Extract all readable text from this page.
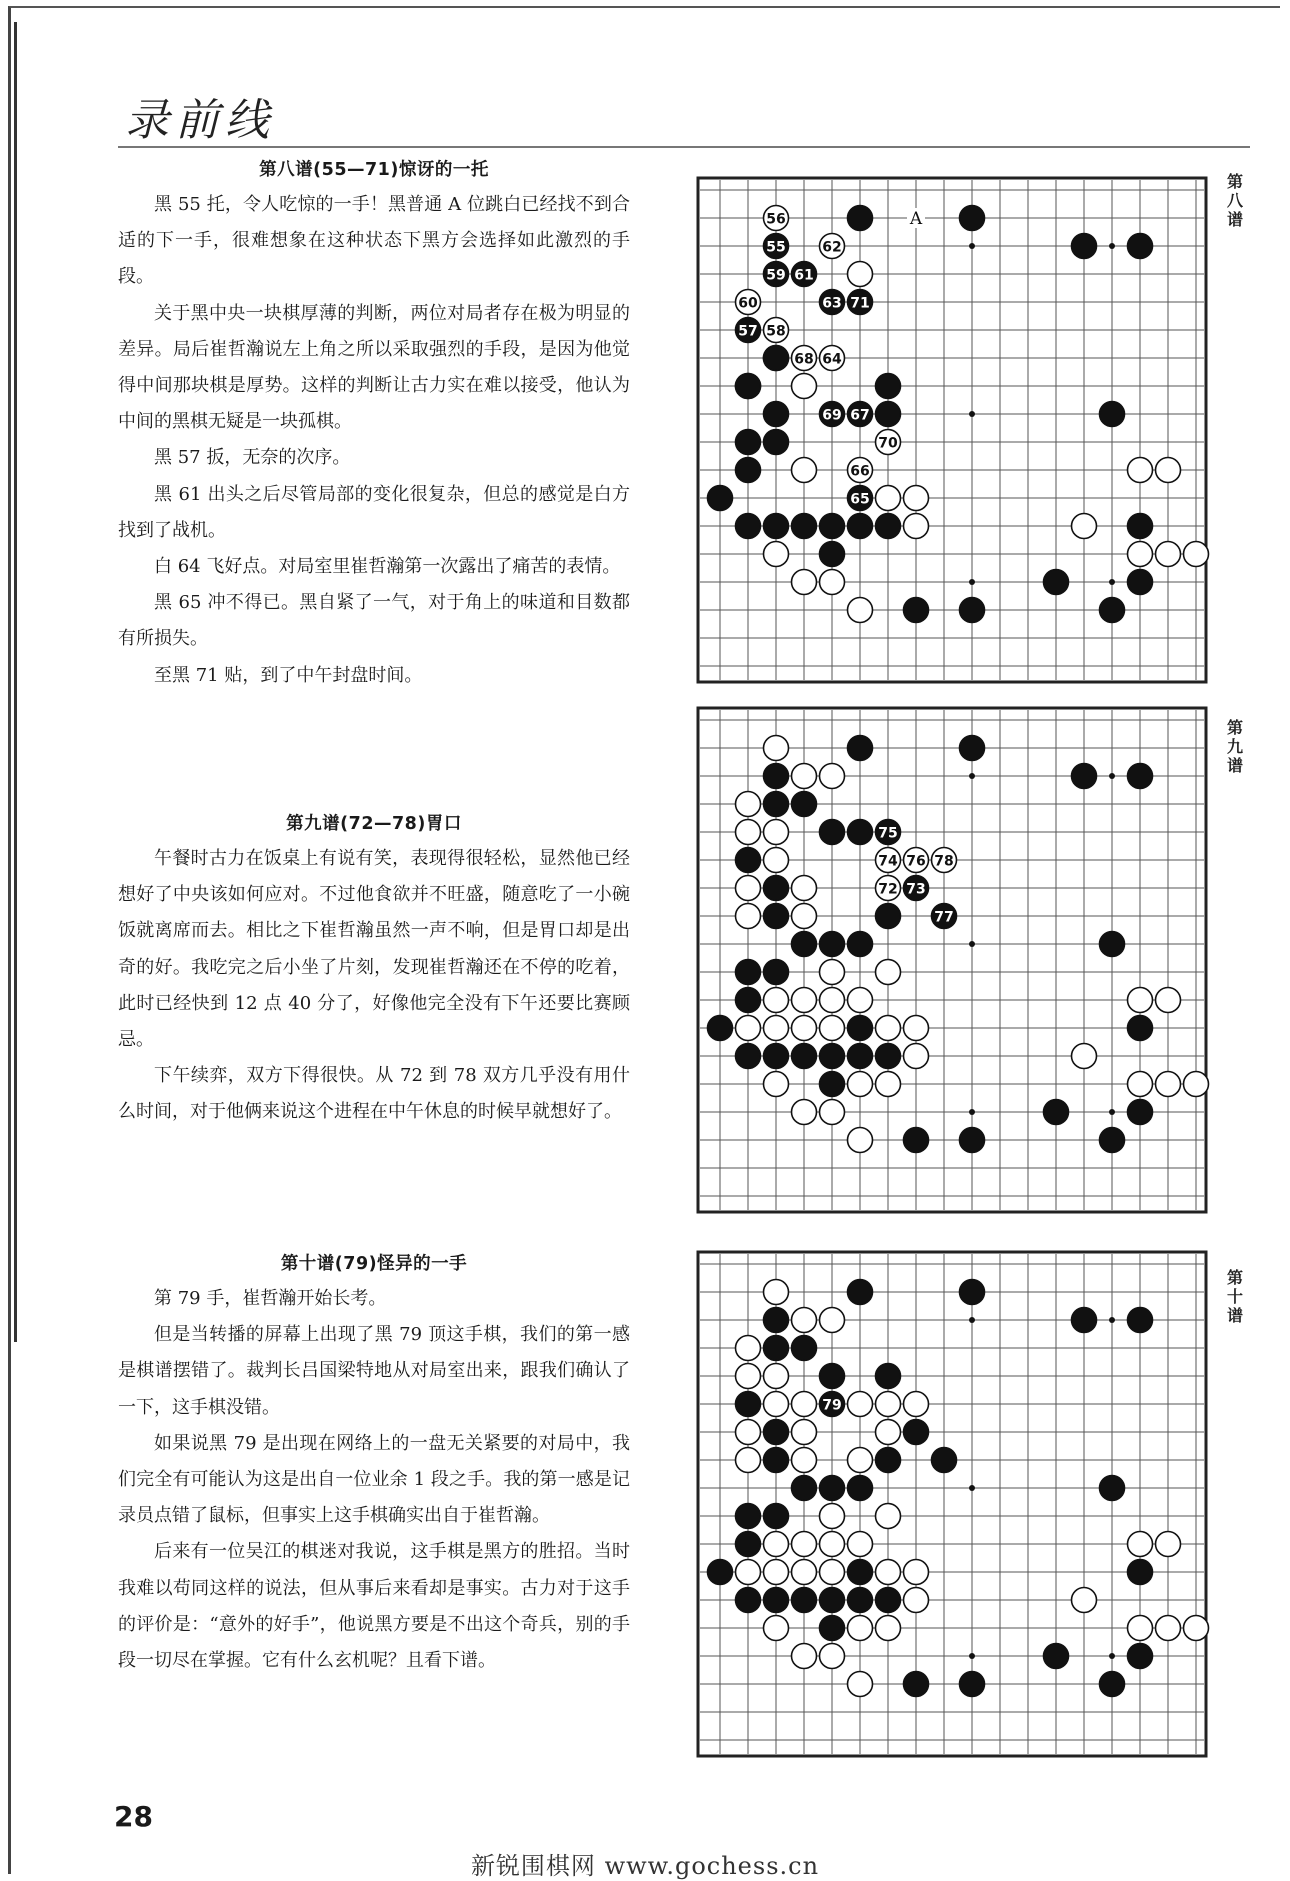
录前线
第八谱(55—71)惊讶的一托

黑 55 托，令人吃惊的一手！黑普通 A 位跳白已经找不到合适的下一手，很难想象在这种状态下黑方会选择如此激烈的手段。

关于黑中央一块棋厚薄的判断，两位对局者存在极为明显的差异。局后崔哲瀚说左上角之所以采取强烈的手段，是因为他觉得中间那块棋是厚势。这样的判断让古力实在难以接受，他认为中间的黑棋无疑是一块孤棋。

黑 57 扳，无奈的次序。

黑 61 出头之后尽管局部的变化很复杂，但总的感觉是白方找到了战机。

白 64 飞好点。对局室里崔哲瀚第一次露出了痛苦的表情。

黑 65 冲不得已。黑自紧了一气，对于角上的味道和目数都有所损失。

至黑 71 贴，到了中午封盘时间。

第九谱(72—78)胃口

午餐时古力在饭桌上有说有笑，表现得很轻松，显然他已经想好了中央该如何应对。不过他食欲并不旺盛，随意吃了一小碗饭就离席而去。相比之下崔哲瀚虽然一声不响，但是胃口却是出奇的好。我吃完之后小坐了片刻，发现崔哲瀚还在不停的吃着，此时已经快到 12 点 40 分了，好像他完全没有下午还要比赛顾忌。

下午续弈，双方下得很快。从 72 到 78 双方几乎没有用什么时间，对于他俩来说这个进程在中午休息的时候早就想好了。

第十谱(79)怪异的一手

第 79 手，崔哲瀚开始长考。

但是当转播的屏幕上出现了黑 79 顶这手棋，我们的第一感是棋谱摆错了。裁判长吕国梁特地从对局室出来，跟我们确认了一下，这手棋没错。

如果说黑 79 是出现在网络上的一盘无关紧要的对局中，我们完全有可能认为这是出自一位业余 1 段之手。我的第一感是记录员点错了鼠标，但事实上这手棋确实出自于崔哲瀚。

后来有一位吴江的棋迷对我说，这手棋是黑方的胜招。当时我难以苟同这样的说法，但从事后来看却是事实。古力对于这手的评价是：“意外的好手”，他说黑方要是不出这个奇兵，别的手段一切尽在掌握。它有什么玄机呢？且看下谱。

56
55	62
59 61
60	63 71
57 58
68 64
69 67
70
66
65
A
第八谱
75
74 76 78
72 73
77
第九谱
79
第十谱
28
新锐围棋网 www.gochess.cn
